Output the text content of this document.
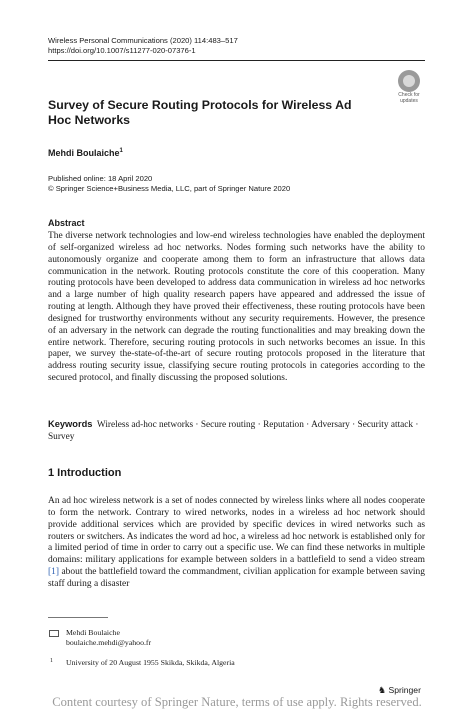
Wireless Personal Communications (2020) 114:483–517
https://doi.org/10.1007/s11277-020-07376-1
Check for
updates
Survey of Secure Routing Protocols for Wireless Ad Hoc Networks
Mehdi Boulaiche$^1$
Published online: 18 April 2020
© Springer Science+Business Media, LLC, part of Springer Nature 2020
Abstract
The diverse network technologies and low-end wireless technologies have enabled the deployment of self-organized wireless ad hoc networks. Nodes forming such networks have the ability to autonomously organize and cooperate among them to form an infrastructure that allows data communication in the network. Routing protocols constitute the core of this cooperation. Many routing protocols have been developed to address data communication in wireless ad hoc networks and a large number of high quality research papers have appeared and addressed the issue of routing at length. Although they have proved their effectiveness, these routing protocols have been designed for trustworthy environments without any security requirements. However, the presence of an adversary in the network can degrade the routing functionalities and may breaking down the entire network. Therefore, securing routing protocols in such networks becomes an issue. In this paper, we survey the-state-of-the-art of secure routing protocols proposed in the literature that address routing security issue, classifying secure routing protocols in categories according to the secured protocol, and finally discussing the proposed solutions.
Keywords Wireless ad-hoc networks · Secure routing · Reputation · Adversary · Security attack · Survey
1 Introduction
An ad hoc wireless network is a set of nodes connected by wireless links where all nodes cooperate to form the network. Contrary to wired networks, nodes in a wireless ad hoc network should provide additional services which are provided by specific devices in wired networks such as routers or switchers. As indicates the word ad hoc, a wireless ad hoc network is established only for a limited period of time in order to carry out a specific use. We can find these networks in multiple domains: military applications for example between solders in a battlefield to send a video stream [1] about the battlefield toward the commandment, civilian application for example between saving staff during a disaster
Mehdi Boulaiche
boulaiche.mehdi@yahoo.fr
1 University of 20 August 1955 Skikda, Skikda, Algeria
♞ Springer
Content courtesy of Springer Nature, terms of use apply. Rights reserved.
